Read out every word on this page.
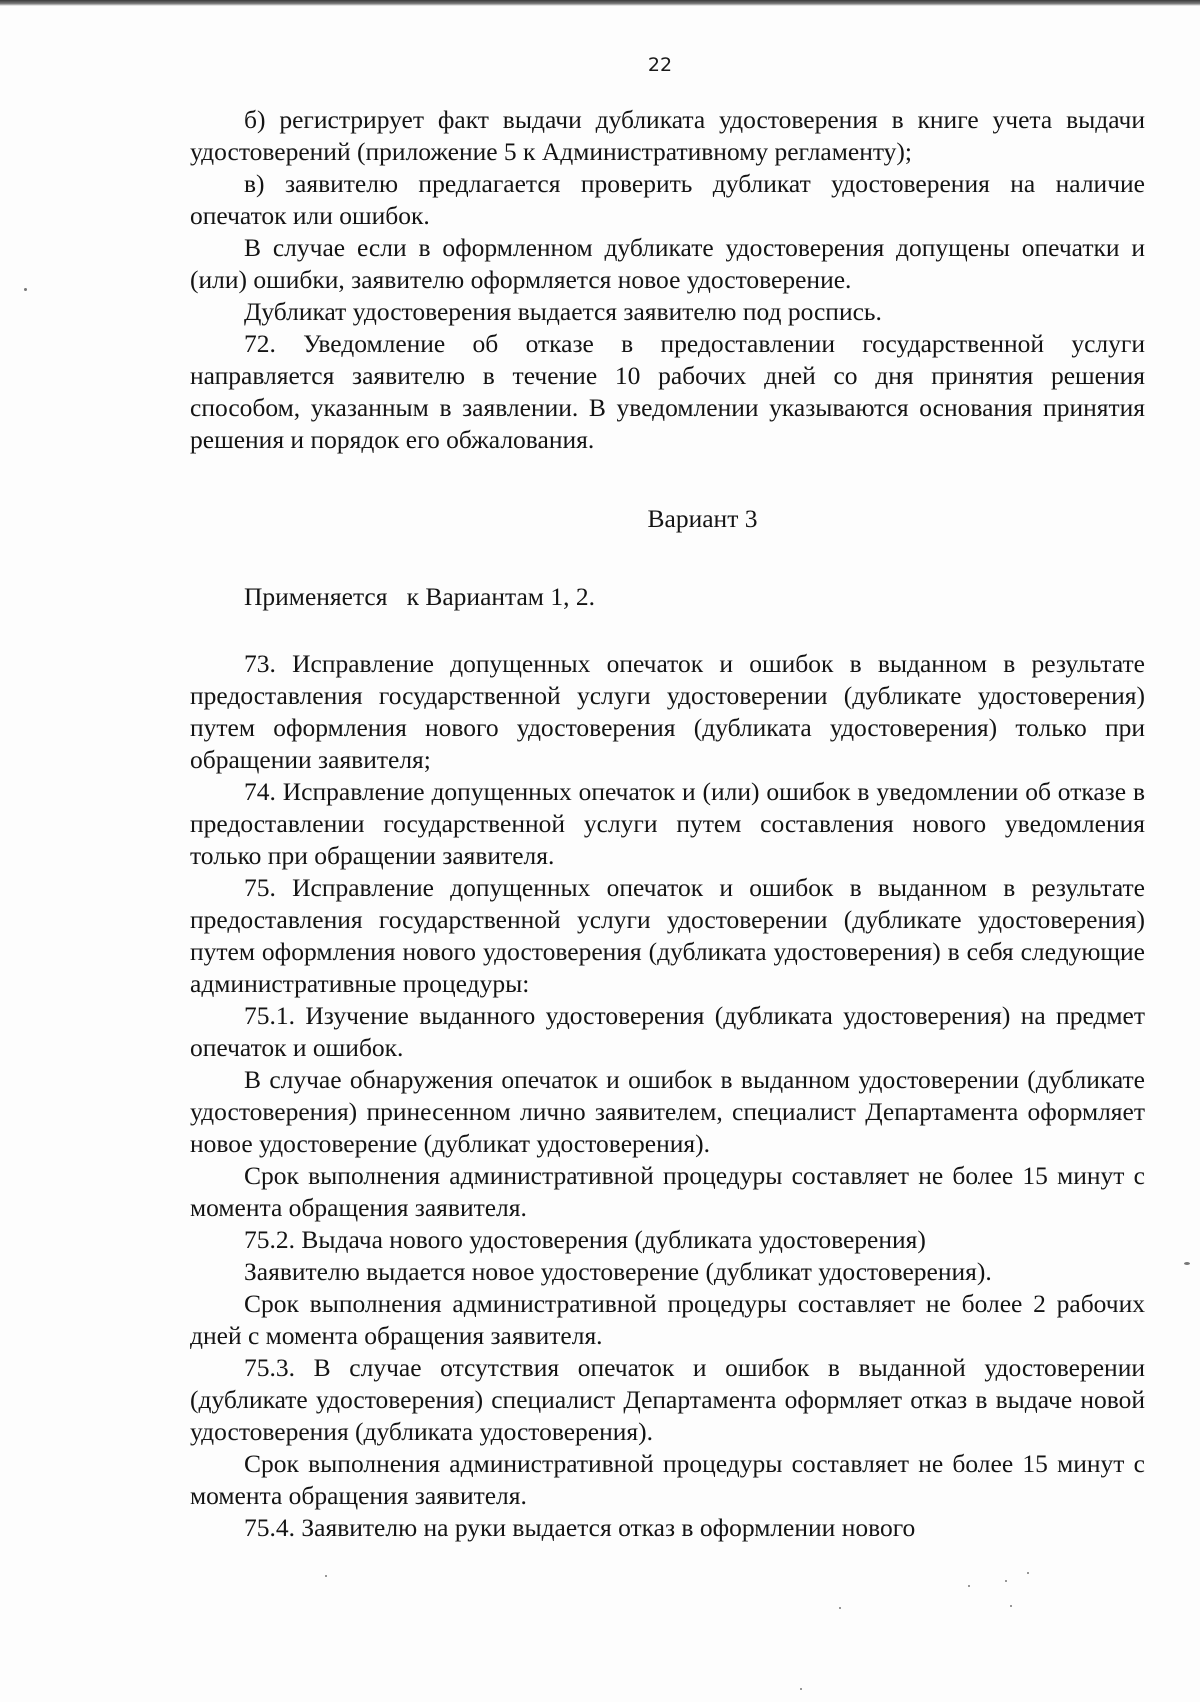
22

б) регистрирует факт выдачи дубликата удостоверения в книге учета выдачи удостоверений (приложение 5 к Административному регламенту);

в) заявителю предлагается проверить дубликат удостоверения на наличие опечаток или ошибок.

В случае если в оформленном дубликате удостоверения допущены опечатки и (или) ошибки, заявителю оформляется новое удостоверение.

Дубликат удостоверения выдается заявителю под роспись.

72. Уведомление об отказе в предоставлении государственной услуги направляется заявителю в течение 10 рабочих дней со дня принятия решения способом, указанным в заявлении. В уведомлении указываются основания принятия решения и порядок его обжалования.

Вариант 3

Применяется   к Вариантам 1, 2.

73. Исправление допущенных опечаток и ошибок в выданном в результате предоставления государственной услуги удостоверении (дубликате удостоверения) путем оформления нового удостоверения (дубликата удостоверения) только при обращении заявителя;

74. Исправление допущенных опечаток и (или) ошибок в уведомлении об отказе в предоставлении государственной услуги путем составления нового уведомления только при обращении заявителя.

75. Исправление допущенных опечаток и ошибок в выданном в результате предоставления государственной услуги удостоверении (дубликате удостоверения) путем оформления нового удостоверения (дубликата удостоверения) в себя следующие административные процедуры:

75.1. Изучение выданного удостоверения (дубликата удостоверения) на предмет опечаток и ошибок.

В случае обнаружения опечаток и ошибок в выданном удостоверении (дубликате удостоверения) принесенном лично заявителем, специалист Департамента оформляет новое удостоверение (дубликат удостоверения).

Срок выполнения административной процедуры составляет не более 15 минут с момента обращения заявителя.

75.2. Выдача нового удостоверения (дубликата удостоверения)

Заявителю выдается новое удостоверение (дубликат удостоверения).

Срок выполнения административной процедуры составляет не более 2 рабочих дней с момента обращения заявителя.

75.3. В случае отсутствия опечаток и ошибок в выданной удостоверении (дубликате удостоверения) специалист Департамента оформляет отказ в выдаче новой удостоверения (дубликата удостоверения).

Срок выполнения административной процедуры составляет не более 15 минут с момента обращения заявителя.

75.4. Заявителю на руки выдается отказ в оформлении нового
